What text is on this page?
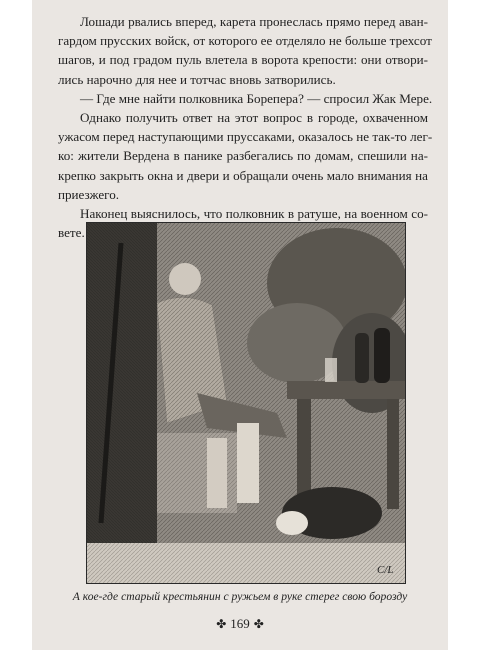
Лошади рвались вперед, карета пронеслась прямо перед аван-
гардом прусских войск, от которого ее отделяло не больше трехсот
шагов, и под градом пуль влетела в ворота крепости: они отвори-
лись нарочно для нее и тотчас вновь затворились.
— Где мне найти полковника Борепера? — спросил Жак Мере.
Однако получить ответ на этот вопрос в городе, охваченном
ужасом перед наступающими пруссаками, оказалось не так-то лег-
ко: жители Вердена в панике разбегались по домам, спешили на-
крепко закрыть окна и двери и обращали очень мало внимания на
приезжего.
Наконец выяснилось, что полковник в ратуше, на военном со-
вете.
C/L
А кое-где старый крестьянин с ружьем в руке стерег свою борозду
✤ 169 ✤
